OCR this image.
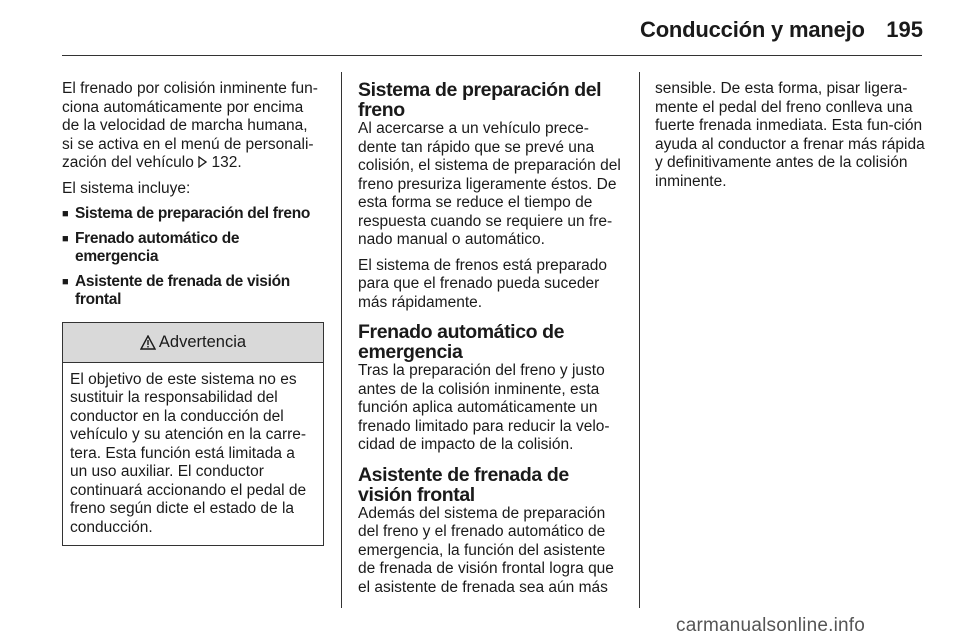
Conducción y manejo 195

El frenado por colisión inminente fun-
ciona automáticamente por encima
de la velocidad de marcha humana,
si se activa en el menú de personali-
zación del vehículo 132.

El sistema incluye:

■ Sistema de preparación del freno
■ Frenado automático de emergencia
■ Asistente de frenada de visión frontal
Advertencia
El objetivo de este sistema no es sustituir la responsabilidad del conductor en la conducción del vehículo y su atención en la carre-tera. Esta función está limitada a un uso auxiliar. El conductor continuará accionando el pedal de freno según dicte el estado de la conducción.
Sistema de preparación del freno

Al acercarse a un vehículo prece-dente tan rápido que se prevé una colisión, el sistema de preparación del freno presuriza ligeramente éstos. De esta forma se reduce el tiempo de respuesta cuando se requiere un fre-nado manual o automático.

El sistema de frenos está preparado para que el frenado pueda suceder más rápidamente.

Frenado automático de emergencia

Tras la preparación del freno y justo antes de la colisión inminente, esta función aplica automáticamente un frenado limitado para reducir la velo-cidad de impacto de la colisión.

Asistente de frenada de visión frontal

Además del sistema de preparación del freno y el frenado automático de emergencia, la función del asistente de frenada de visión frontal logra que el asistente de frenada sea aún más

sensible. De esta forma, pisar ligera-mente el pedal del freno conlleva una fuerte frenada inmediata. Esta fun-ción ayuda al conductor a frenar más rápida y definitivamente antes de la colisión inminente.

carmanualsonline.info
